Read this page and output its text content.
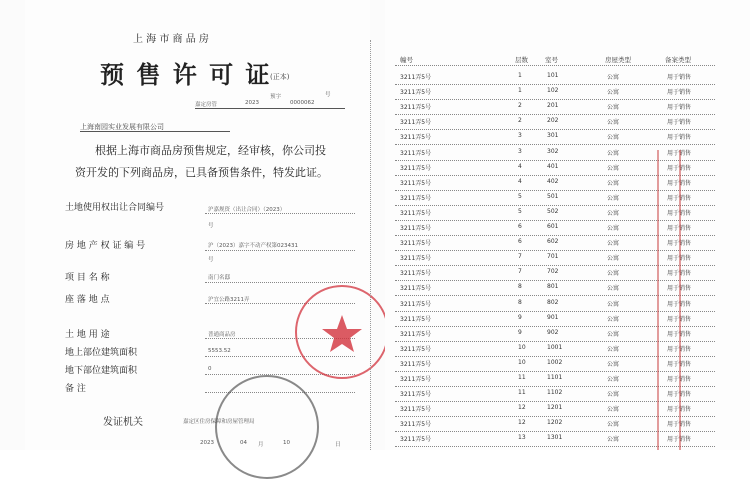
上 海 市 商 品 房
预 售 许 可 证
(正本)
嘉定房管	2023
预字
0000062
号
上海南园实业发展有限公司
根据上海市商品房预售规定，经审核，你公司投
资开发的下列商品房，已具备预售条件，特发此证。
土地使用权出让合同编号	沪嘉规资（出让合同）（2023）
号
房 地 产 权 证 编 号	沪（2023）嘉字不动产权第023431
号
项 目 名 称	南门名邸
座 落 地 点	沪宜公路3211弄
土 地 用 途	普通商品房
地上部位建筑面积	5553.52
地下部位建筑面积	0
备 注
发证机关	嘉定区住房保障和房屋管理局
2023	04 月	10	日
幢号	层数	室号	房屋类型	备案类型
3211弄5号	1	101	公寓	用于销售
3211弄5号	1	102	公寓	用于销售
3211弄5号	2	201	公寓	用于销售
3211弄5号	2	202	公寓	用于销售
3211弄5号	3	301	公寓	用于销售
3211弄5号	3	302	公寓	用于销售
3211弄5号	4	401	公寓	用于销售
3211弄5号	4	402	公寓	用于销售
3211弄5号	5	501	公寓	用于销售
3211弄5号	5	502	公寓	用于销售
3211弄5号	6	601	公寓	用于销售
3211弄5号	6	602	公寓	用于销售
3211弄5号	7	701	公寓	用于销售
3211弄5号	7	702	公寓	用于销售
3211弄5号	8	801	公寓	用于销售
3211弄5号	8	802	公寓	用于销售
3211弄5号	9	901	公寓	用于销售
3211弄5号	9	902	公寓	用于销售
3211弄5号	10	1001	公寓	用于销售
3211弄5号	10	1002	公寓	用于销售
3211弄5号	11	1101	公寓	用于销售
3211弄5号	11	1102	公寓	用于销售
3211弄5号	12	1201	公寓	用于销售
3211弄5号	12	1202	公寓	用于销售
3211弄5号	13	1301	公寓	用于销售
